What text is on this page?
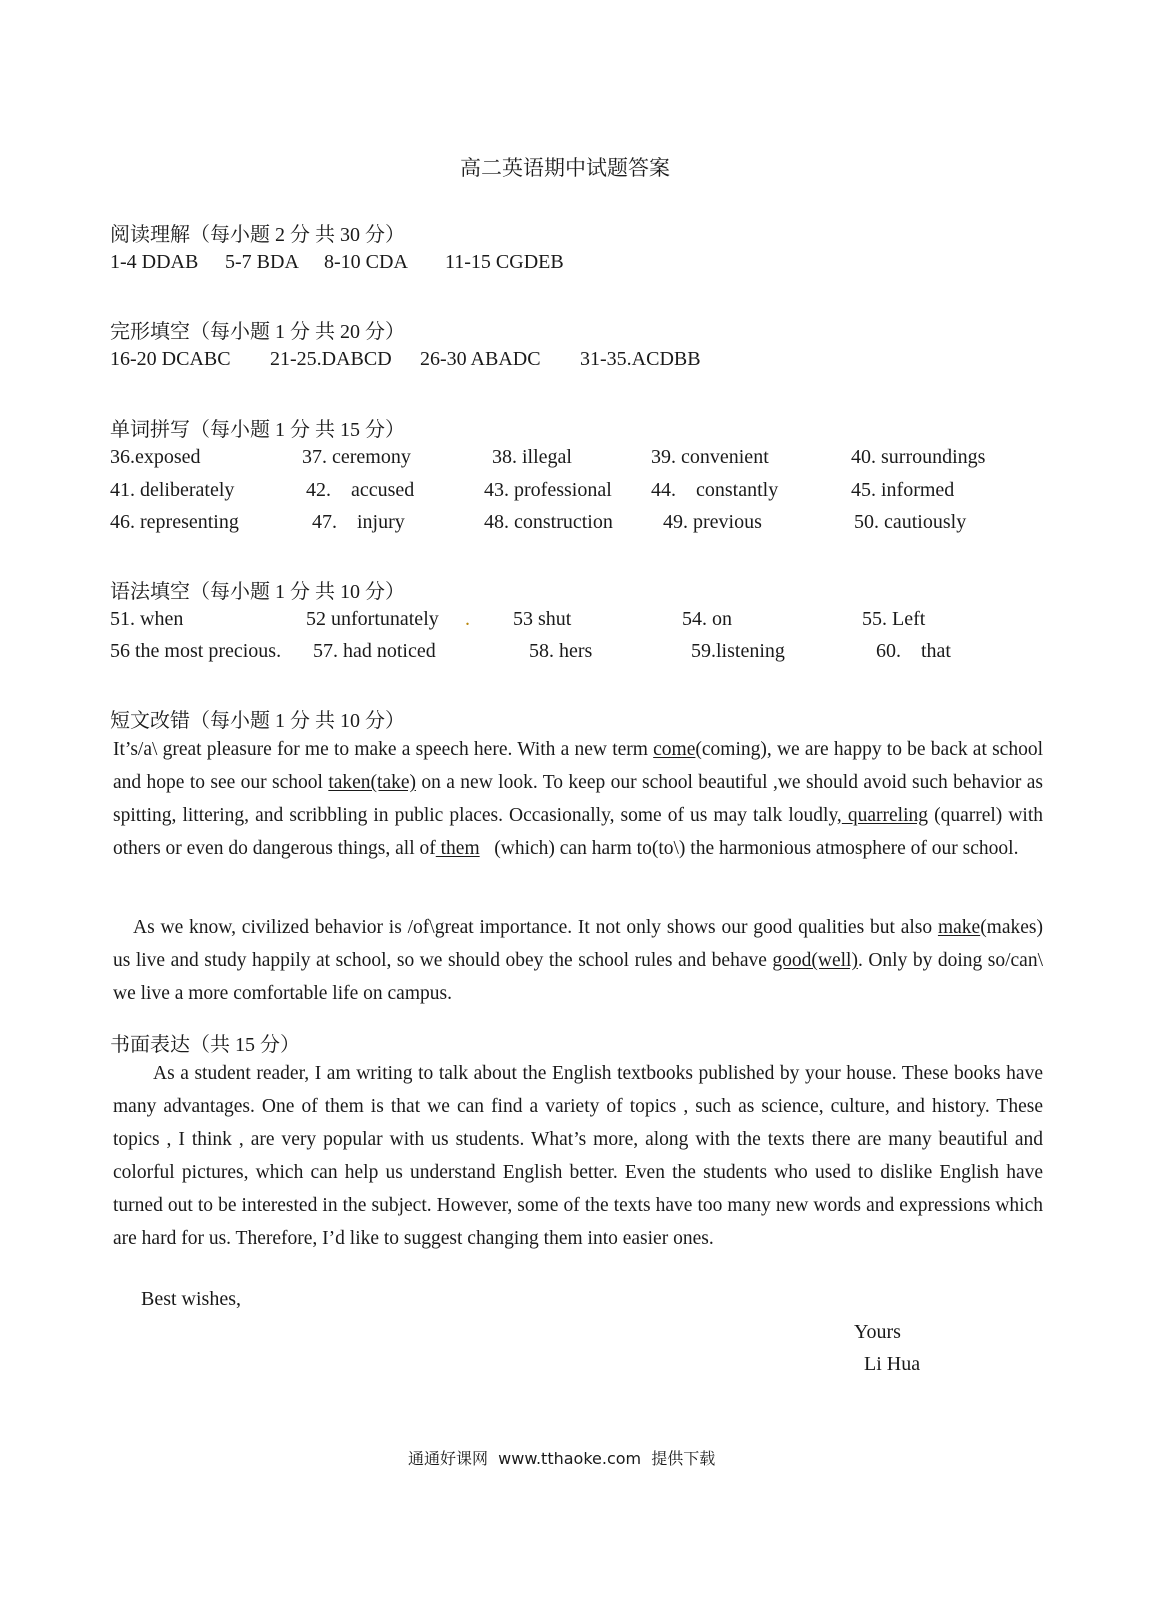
高二英语期中试题答案
阅读理解（每小题 2 分 共 30 分）
1-4 DDAB 5-7 BDA 8-10 CDA 11-15 CGDEB
完形填空（每小题 1 分 共 20 分）
16-20 DCABC 21-25.DABCD 26-30 ABADC 31-35.ACDBB
单词拼写（每小题 1 分 共 15 分）
36.exposed	37. ceremony	38. illegal	39. convenient	40. surroundings
41. deliberately	42.    accused	43. professional 44.    constantly	45. informed
46. representing	47.    injury	48. construction	49. previous	50. cautiously
语法填空（每小题 1 分 共 10 分）
51. when	52 unfortunately . 53 shut	54. on	55. Left
56 the most precious. 57. had noticed	58. hers	59.listening	60.    that
短文改错（每小题 1 分 共 10 分）

It’s/a\ great pleasure for me to make a speech here. With a new term come(coming), we are happy to be back at school and hope to see our school taken(take) on a new look. To keep our school beautiful ,we should avoid such behavior as spitting, littering, and scribbling in public places. Occasionally, some of us may talk loudly, quarreling (quarrel) with others or even do dangerous things, all of them   (which) can harm to(to\) the harmonious atmosphere of our school.

As we know, civilized behavior is /of\great importance. It not only shows our good qualities but also make(makes) us live and study happily at school, so we should obey the school rules and behave good(well). Only by doing so/can\ we live a more comfortable life on campus.

书面表达（共 15 分）

As a student reader, I am writing to talk about the English textbooks published by your house. These books have many advantages. One of them is that we can find a variety of topics , such as science, culture, and history. These topics , I think , are very popular with us students. What’s more, along with the texts there are many beautiful and colorful pictures, which can help us understand English better. Even the students who used to dislike English have turned out to be interested in the subject. However, some of the texts have too many new words and expressions which are hard for us. Therefore, I’d like to suggest changing them into easier ones.

Best wishes,
Yours
Li Hua
通通好课网  www.tthaoke.com  提供下载
